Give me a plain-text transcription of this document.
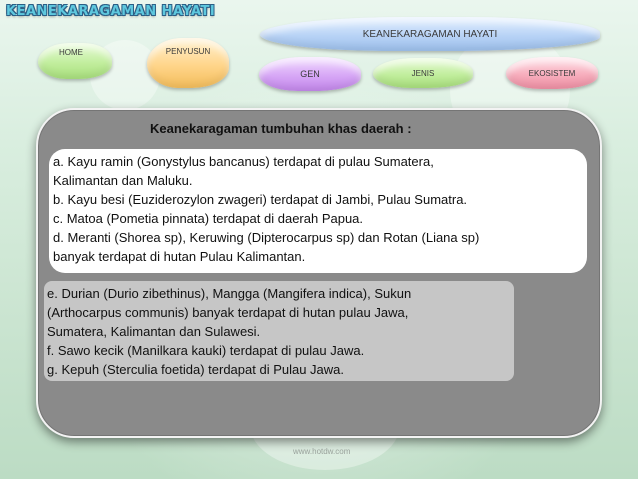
KEANEKARAGAMAN HAYATI
HOME	PENYUSUN
KEANEKARAGAMAN HAYATI
GEN	JENIS	EKOSISTEM
Keanekaragaman tumbuhan khas daerah :

a. Kayu ramin (Gonystylus bancanus) terdapat di pulau Sumatera,

Kalimantan dan Maluku.

b. Kayu besi (Euziderozylon zwageri) terdapat di Jambi, Pulau Sumatra.

c. Matoa (Pometia pinnata) terdapat di daerah Papua.

d. Meranti (Shorea sp), Keruwing (Dipterocarpus sp) dan Rotan (Liana sp)

banyak terdapat di hutan Pulau Kalimantan.

e. Durian (Durio zibethinus), Mangga (Mangifera indica), Sukun

(Arthocarpus communis) banyak terdapat di hutan pulau Jawa,

Sumatera, Kalimantan dan Sulawesi.

f. Sawo kecik (Manilkara kauki) terdapat di pulau Jawa.

g. Kepuh (Sterculia foetida) terdapat di Pulau Jawa.

www.hotdw.com
